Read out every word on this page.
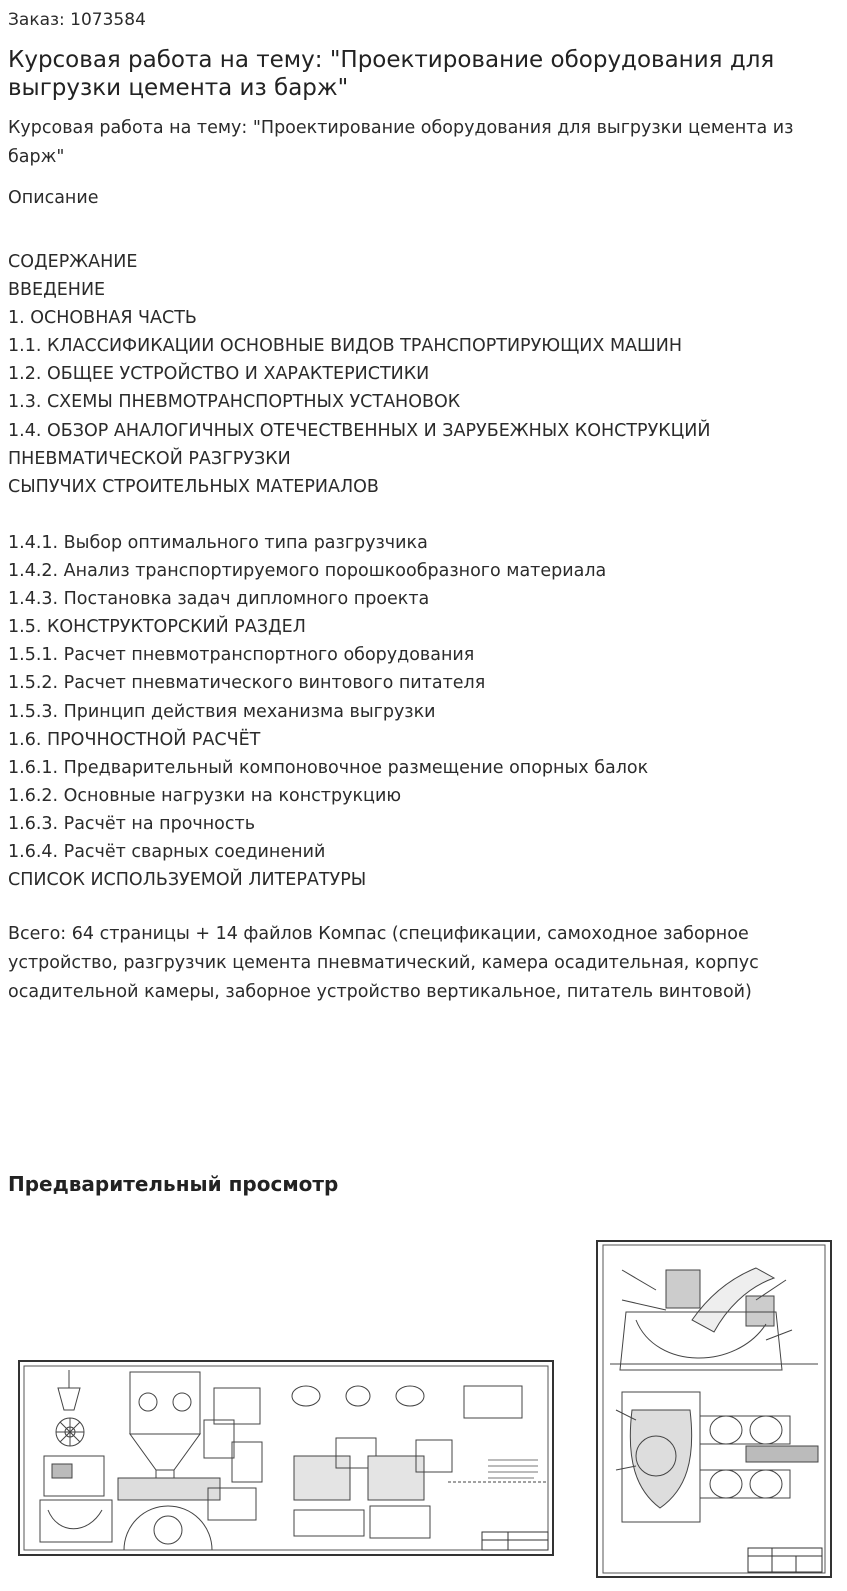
Заказ: 1073584
Курсовая работа на тему: "Проектирование оборудования для выгрузки цемента из барж"
Курсовая работа на тему: "Проектирование оборудования для выгрузки цемента из барж"
Описание
СОДЕРЖАНИЕ
ВВЕДЕНИЕ
1. ОСНОВНАЯ ЧАСТЬ
1.1. КЛАССИФИКАЦИИ ОСНОВНЫЕ ВИДОВ ТРАНСПОРТИРУЮЩИХ МАШИН
1.2. ОБЩЕЕ УСТРОЙСТВО И ХАРАКТЕРИСТИКИ
1.3. СХЕМЫ ПНЕВМОТРАНСПОРТНЫХ УСТАНОВОК
1.4. ОБЗОР АНАЛОГИЧНЫХ ОТЕЧЕСТВЕННЫХ И ЗАРУБЕЖНЫХ КОНСТРУКЦИЙ
ПНЕВМАТИЧЕСКОЙ РАЗГРУЗКИ
СЫПУЧИХ СТРОИТЕЛЬНЫХ МАТЕРИАЛОВ
1.4.1. Выбор оптимального типа разгрузчика
1.4.2. Анализ транспортируемого порошкообразного материала
1.4.3. Постановка задач дипломного проекта
1.5. КОНСТРУКТОРСКИЙ РАЗДЕЛ
1.5.1. Расчет пневмотранспортного оборудования
1.5.2. Расчет пневматического винтового питателя
1.5.3. Принцип действия механизма выгрузки
1.6. ПРОЧНОСТНОЙ РАСЧЁТ
1.6.1. Предварительный компоновочное размещение опорных балок
1.6.2. Основные нагрузки на конструкцию
1.6.3. Расчёт на прочность
1.6.4. Расчёт сварных соединений
СПИСОК ИСПОЛЬЗУЕМОЙ ЛИТЕРАТУРЫ
Всего: 64 страницы + 14 файлов Компас (спецификации, самоходное заборное устройство, разгрузчик цемента пневматический, камера осадительная, корпус осадительной камеры, заборное устройство вертикальное, питатель винтовой)
Предварительный просмотр
